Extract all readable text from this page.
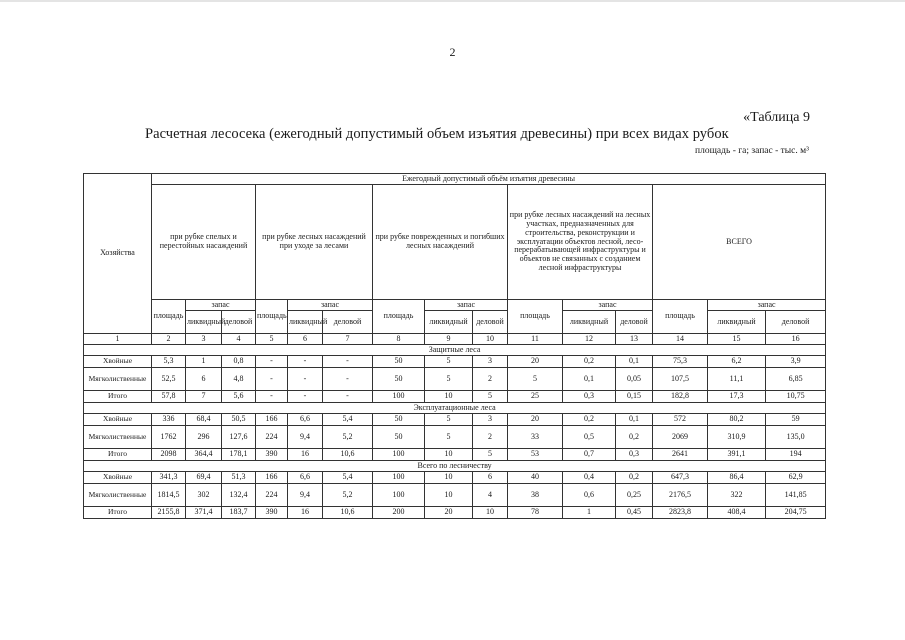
2
«Таблица 9
Расчетная лесосека (ежегодный допустимый объем изъятия древесины) при всех видах рубок
площадь - га; запас - тыс. м³
Хозяйства	Ежегодный допустимый объём изъятия древесины														
	при рубке спелых и перестойных насаждений			при рубке лесных насаждений при уходе за лесами			при рубке поврежденных и погибших лесных насаждений			при рубке лесных насаждений на лесных участках, предназначенных для строительства, реконструкции и эксплуатации объектов лесной, лесо-перерабатывающей инфраструктуры и объектов не связанных с созданием лесной инфраструктуры			ВСЕГО		
	площадь	запас		площадь	запас		площадь	запас		площадь	запас		площадь	запас	
		ликвидный	деловой		ликвидный	деловой		ликвидный	деловой		ликвидный	деловой		ликвидный	деловой
1	2	3	4	5	6	7	8	9	10	11	12	13	14	15	16
Защитные леса															
Хвойные	5,3	1	0,8	-	-	-	50	5	3	20	0,2	0,1	75,3	6,2	3,9
Мягколиственные	52,5	6	4,8	-	-	-	50	5	2	5	0,1	0,05	107,5	11,1	6,85
Итого	57,8	7	5,6	-	-	-	100	10	5	25	0,3	0,15	182,8	17,3	10,75
Эксплуатационные леса															
Хвойные	336	68,4	50,5	166	6,6	5,4	50	5	3	20	0,2	0,1	572	80,2	59
Мягколиственные	1762	296	127,6	224	9,4	5,2	50	5	2	33	0,5	0,2	2069	310,9	135,0
Итого	2098	364,4	178,1	390	16	10,6	100	10	5	53	0,7	0,3	2641	391,1	194
Всего по лесничеству															
Хвойные	341,3	69,4	51,3	166	6,6	5,4	100	10	6	40	0,4	0,2	647,3	86,4	62,9
Мягколиственные	1814,5	302	132,4	224	9,4	5,2	100	10	4	38	0,6	0,25	2176,5	322	141,85
Итого	2155,8	371,4	183,7	390	16	10,6	200	20	10	78	1	0,45	2823,8	408,4	204,75
